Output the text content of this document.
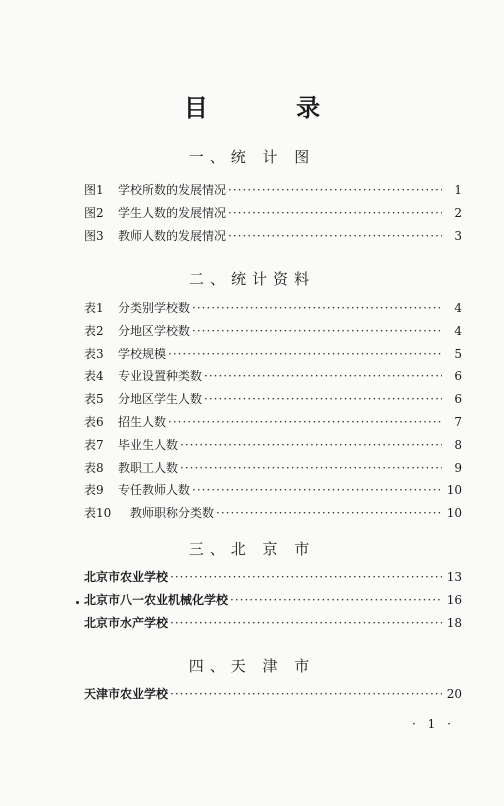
目 录
一、统 计 图
图1	学校所数的发展情况 ·····	1
图2	学生人数的发展情况 ·····	2
图3	教师人数的发展情况 ·····	3
二、统计资料
表1	分类别学校数 ·····	4
表2	分地区学校数 ·····	4
表3	学校规模 ·····	5
表4	专业设置种类数 ·····	6
表5	分地区学生人数 ·····	6
表6	招生人数 ·····	7
表7	毕业生人数 ·····	8
表8	教职工人数 ·····	9
表9	专任教师人数 ·····	10
表10	教师职称分类数 ·····	10
三、北 京 市
北京市农业学校 ·····	13
北京市八一农业机械化学校 ·····	16
北京市水产学校 ·····	18
四、天 津 市
天津市农业学校 ·····	20
· 1 ·
